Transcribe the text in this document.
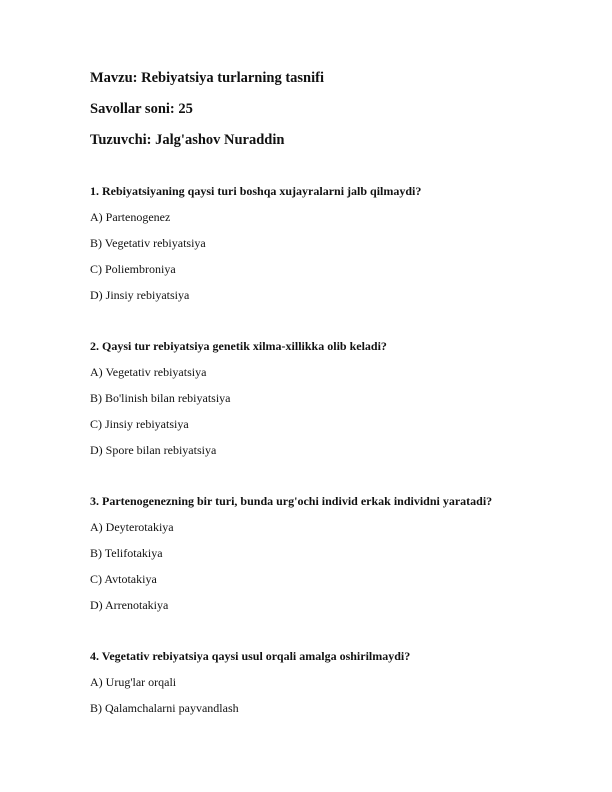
Mavzu: Rebiyatsiya turlarning tasnifi
Savollar soni: 25
Tuzuvchi: Jalg'ashov Nuraddin
1. Rebiyatsiyaning qaysi turi boshqa xujayralarni jalb qilmaydi?
A) Partenogenez
B) Vegetativ rebiyatsiya
C) Poliembroniya
D) Jinsiy rebiyatsiya
2. Qaysi tur rebiyatsiya genetik xilma-xillikka olib keladi?
A) Vegetativ rebiyatsiya
B) Bo'linish bilan rebiyatsiya
C) Jinsiy rebiyatsiya
D) Spore bilan rebiyatsiya
3. Partenogenezning bir turi, bunda urg'ochi individ erkak individni yaratadi?
A) Deyterotakiya
B) Telifotakiya
C) Avtotakiya
D) Arrenotakiya
4. Vegetativ rebiyatsiya qaysi usul orqali amalga oshirilmaydi?
A) Urug'lar orqali
B) Qalamchalarni payvandlash
